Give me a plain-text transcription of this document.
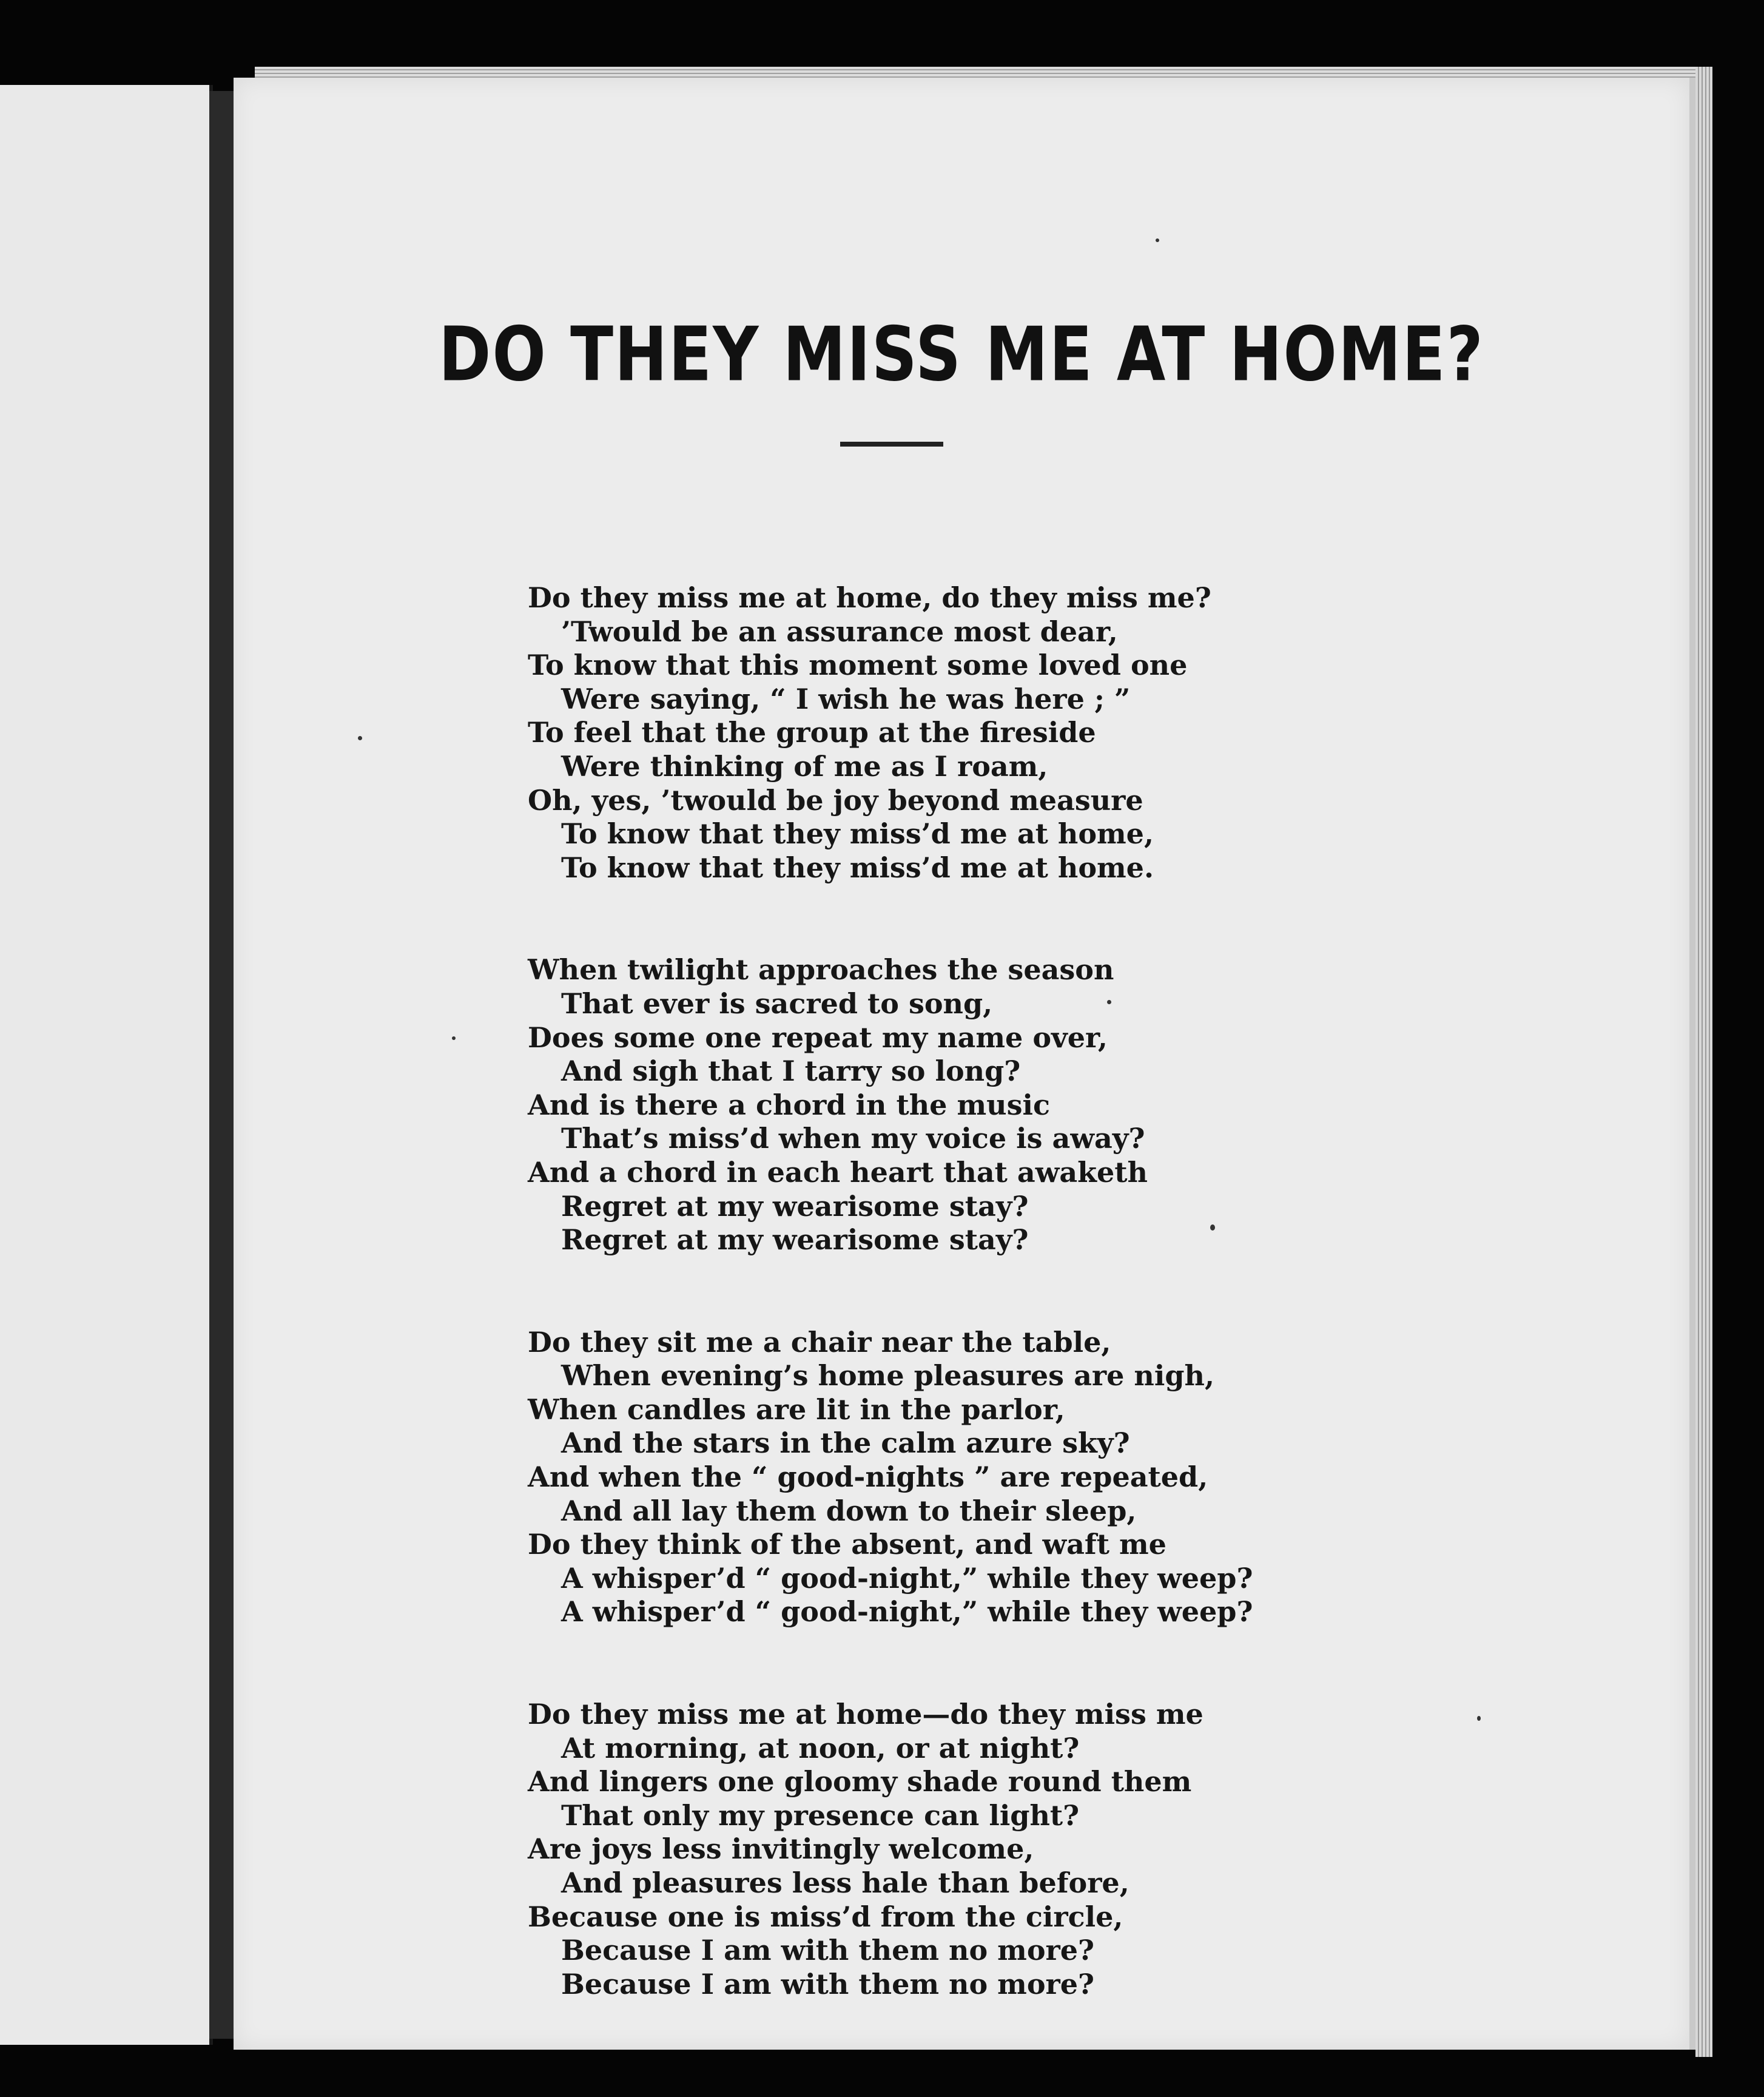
DO THEY MISS ME AT HOME?
Do they miss me at home, do they miss me?
’Twould be an assurance most dear,
To know that this moment some loved one
Were saying, “ I wish he was here ; ”
To feel that the group at the fireside
Were thinking of me as I roam,
Oh, yes, ’twould be joy beyond measure
To know that they miss’d me at home,
To know that they miss’d me at home.
When twilight approaches the season
That ever is sacred to song,
Does some one repeat my name over,
And sigh that I tarry so long?
And is there a chord in the music
That’s miss’d when my voice is away?
And a chord in each heart that awaketh
Regret at my wearisome stay?
Regret at my wearisome stay?
Do they sit me a chair near the table,
When evening’s home pleasures are nigh,
When candles are lit in the parlor,
And the stars in the calm azure sky?
And when the “ good-nights ” are repeated,
And all lay them down to their sleep,
Do they think of the absent, and waft me
A whisper’d “ good-night,” while they weep?
A whisper’d “ good-night,” while they weep?
Do they miss me at home—do they miss me
At morning, at noon, or at night?
And lingers one gloomy shade round them
That only my presence can light?
Are joys less invitingly welcome,
And pleasures less hale than before,
Because one is miss’d from the circle,
Because I am with them no more?
Because I am with them no more?
